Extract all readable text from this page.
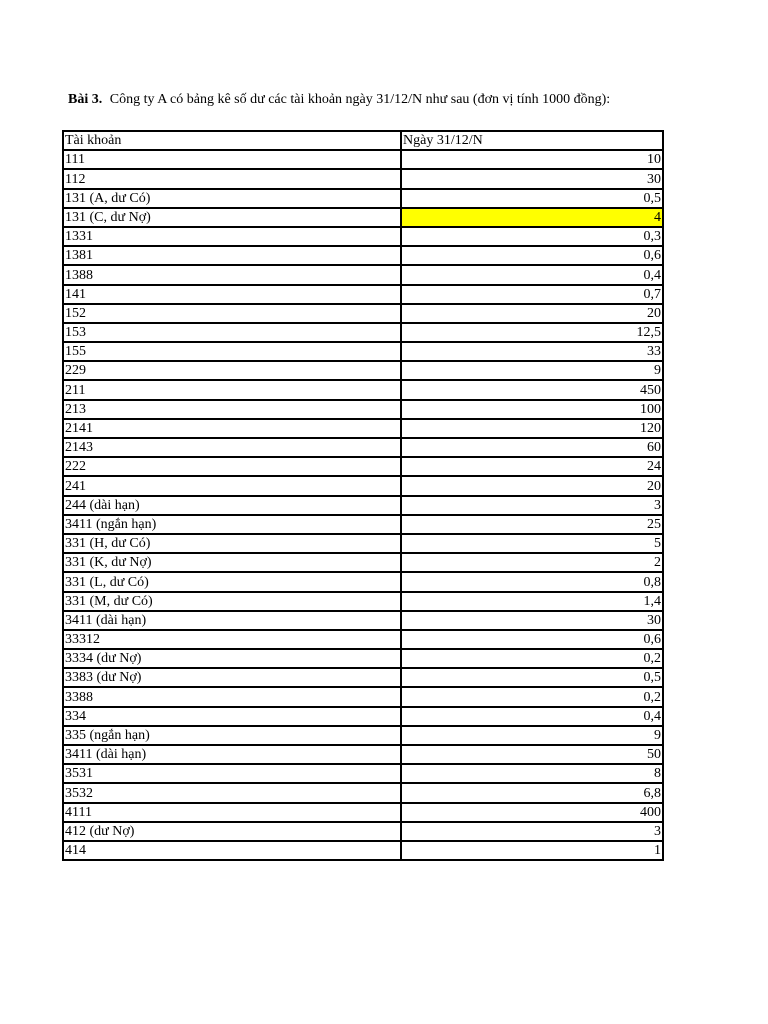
Bài 3. Công ty A có bảng kê số dư các tài khoản ngày 31/12/N như sau (đơn vị tính 1000 đồng):
Tài khoản	Ngày 31/12/N
111	10
112	30
131 (A, dư Có)	0,5
131 (C, dư Nợ)	4
1331	0,3
1381	0,6
1388	0,4
141	0,7
152	20
153	12,5
155	33
229	9
211	450
213	100
2141	120
2143	60
222	24
241	20
244 (dài hạn)	3
3411 (ngắn hạn)	25
331 (H, dư Có)	5
331 (K, dư Nợ)	2
331 (L, dư Có)	0,8
331 (M, dư Có)	1,4
3411 (dài hạn)	30
33312	0,6
3334 (dư Nợ)	0,2
3383 (dư Nợ)	0,5
3388	0,2
334	0,4
335 (ngắn hạn)	9
3411 (dài hạn)	50
3531	8
3532	6,8
4111	400
412 (dư Nợ)	3
414	1
